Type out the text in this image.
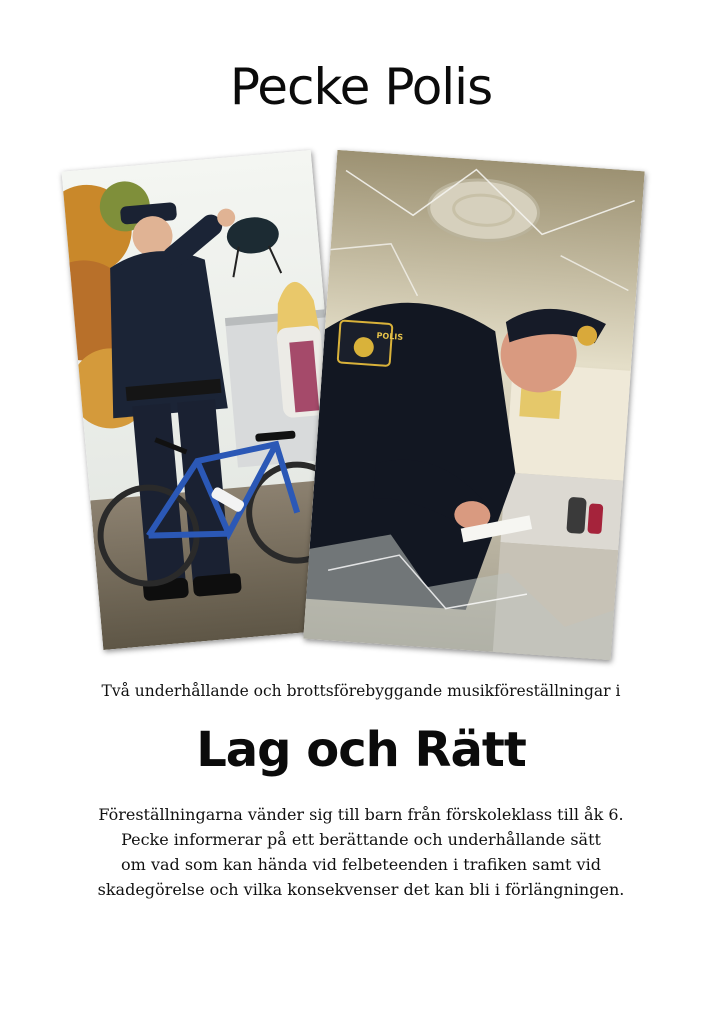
Pecke Polis
POLIS
Två underhållande och brottsförebyggande musikföreställningar i
Lag och Rätt
Föreställningarna vänder sig till barn från förskoleklass till åk 6.
Pecke informerar på ett berättande och underhållande sätt
om vad som kan hända vid felbeteenden i trafiken samt vid
skadegörelse och vilka konsekvenser det kan bli i förlängningen.
